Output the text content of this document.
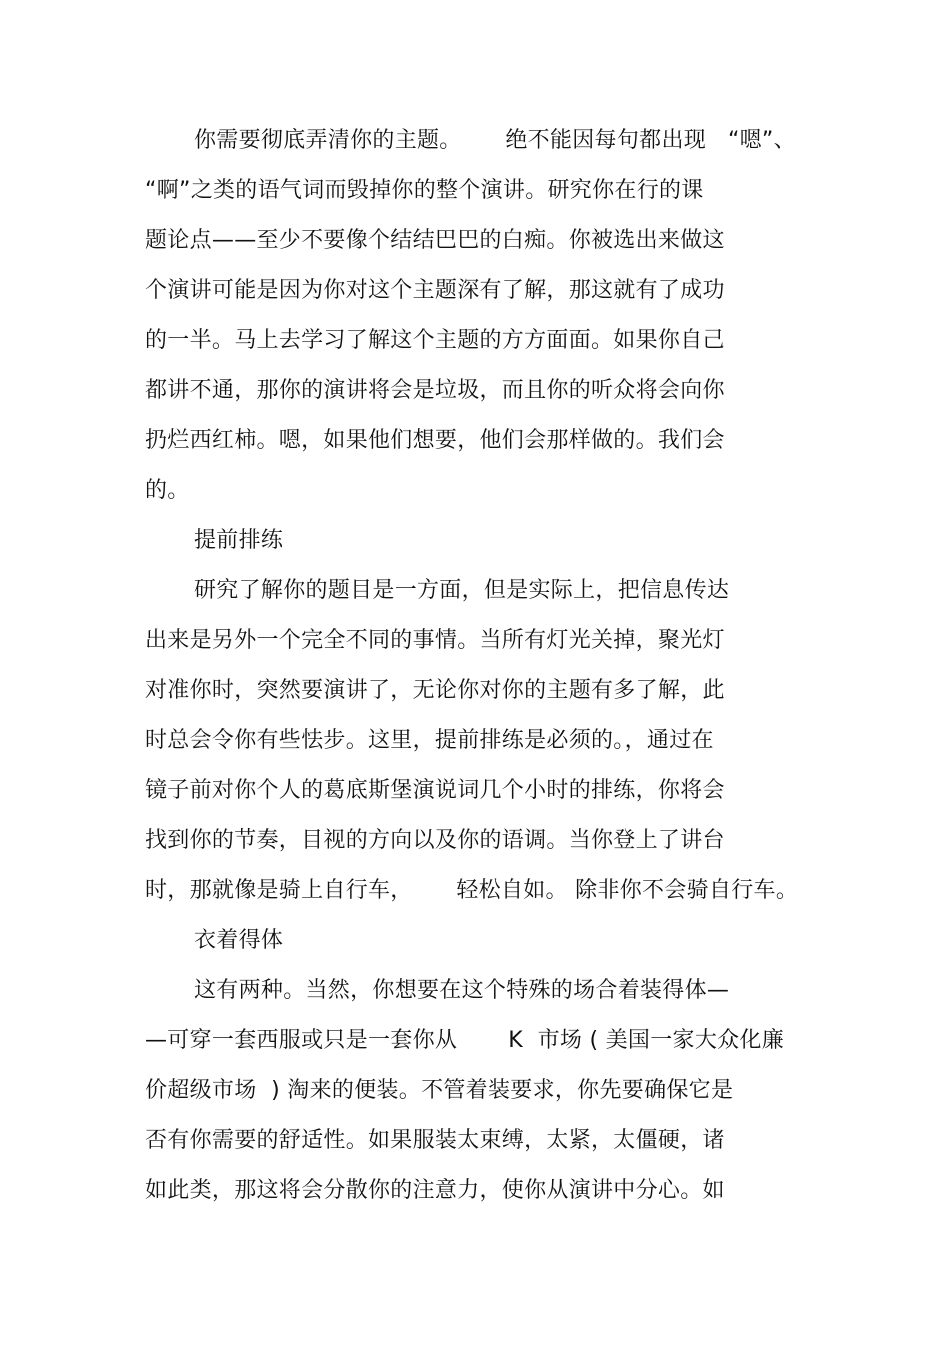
你需要彻底弄清你的主题。      绝不能因每句都出现   “嗯”、
“啊”之类的语气词而毁掉你的整个演讲。研究你在行的课
题论点——至少不要像个结结巴巴的白痴。你被选出来做这
个演讲可能是因为你对这个主题深有了解，那这就有了成功
的一半。马上去学习了解这个主题的方方面面。如果你自己
都讲不通，那你的演讲将会是垃圾，而且你的听众将会向你
扔烂西红柿。嗯，如果他们想要，他们会那样做的。我们会
的。
提前排练
研究了解你的题目是一方面，但是实际上，把信息传达
出来是另外一个完全不同的事情。当所有灯光关掉，聚光灯
对准你时，突然要演讲了，无论你对你的主题有多了解，此
时总会令你有些怯步。这里，提前排练是必须的。，通过在
镜子前对你个人的葛底斯堡演说词几个小时的排练，你将会
找到你的节奏，目视的方向以及你的语调。当你登上了讲台
时，那就像是骑上自行车，      轻松自如。 除非你不会骑自行车。
衣着得体
这有两种。当然，你想要在这个特殊的场合着装得体—
—可穿一套西服或只是一套你从       K  市场 ( 美国一家大众化廉
价超级市场  ) 淘来的便装。不管着装要求，你先要确保它是
否有你需要的舒适性。如果服装太束缚，太紧，太僵硬，诸
如此类，那这将会分散你的注意力，使你从演讲中分心。如
